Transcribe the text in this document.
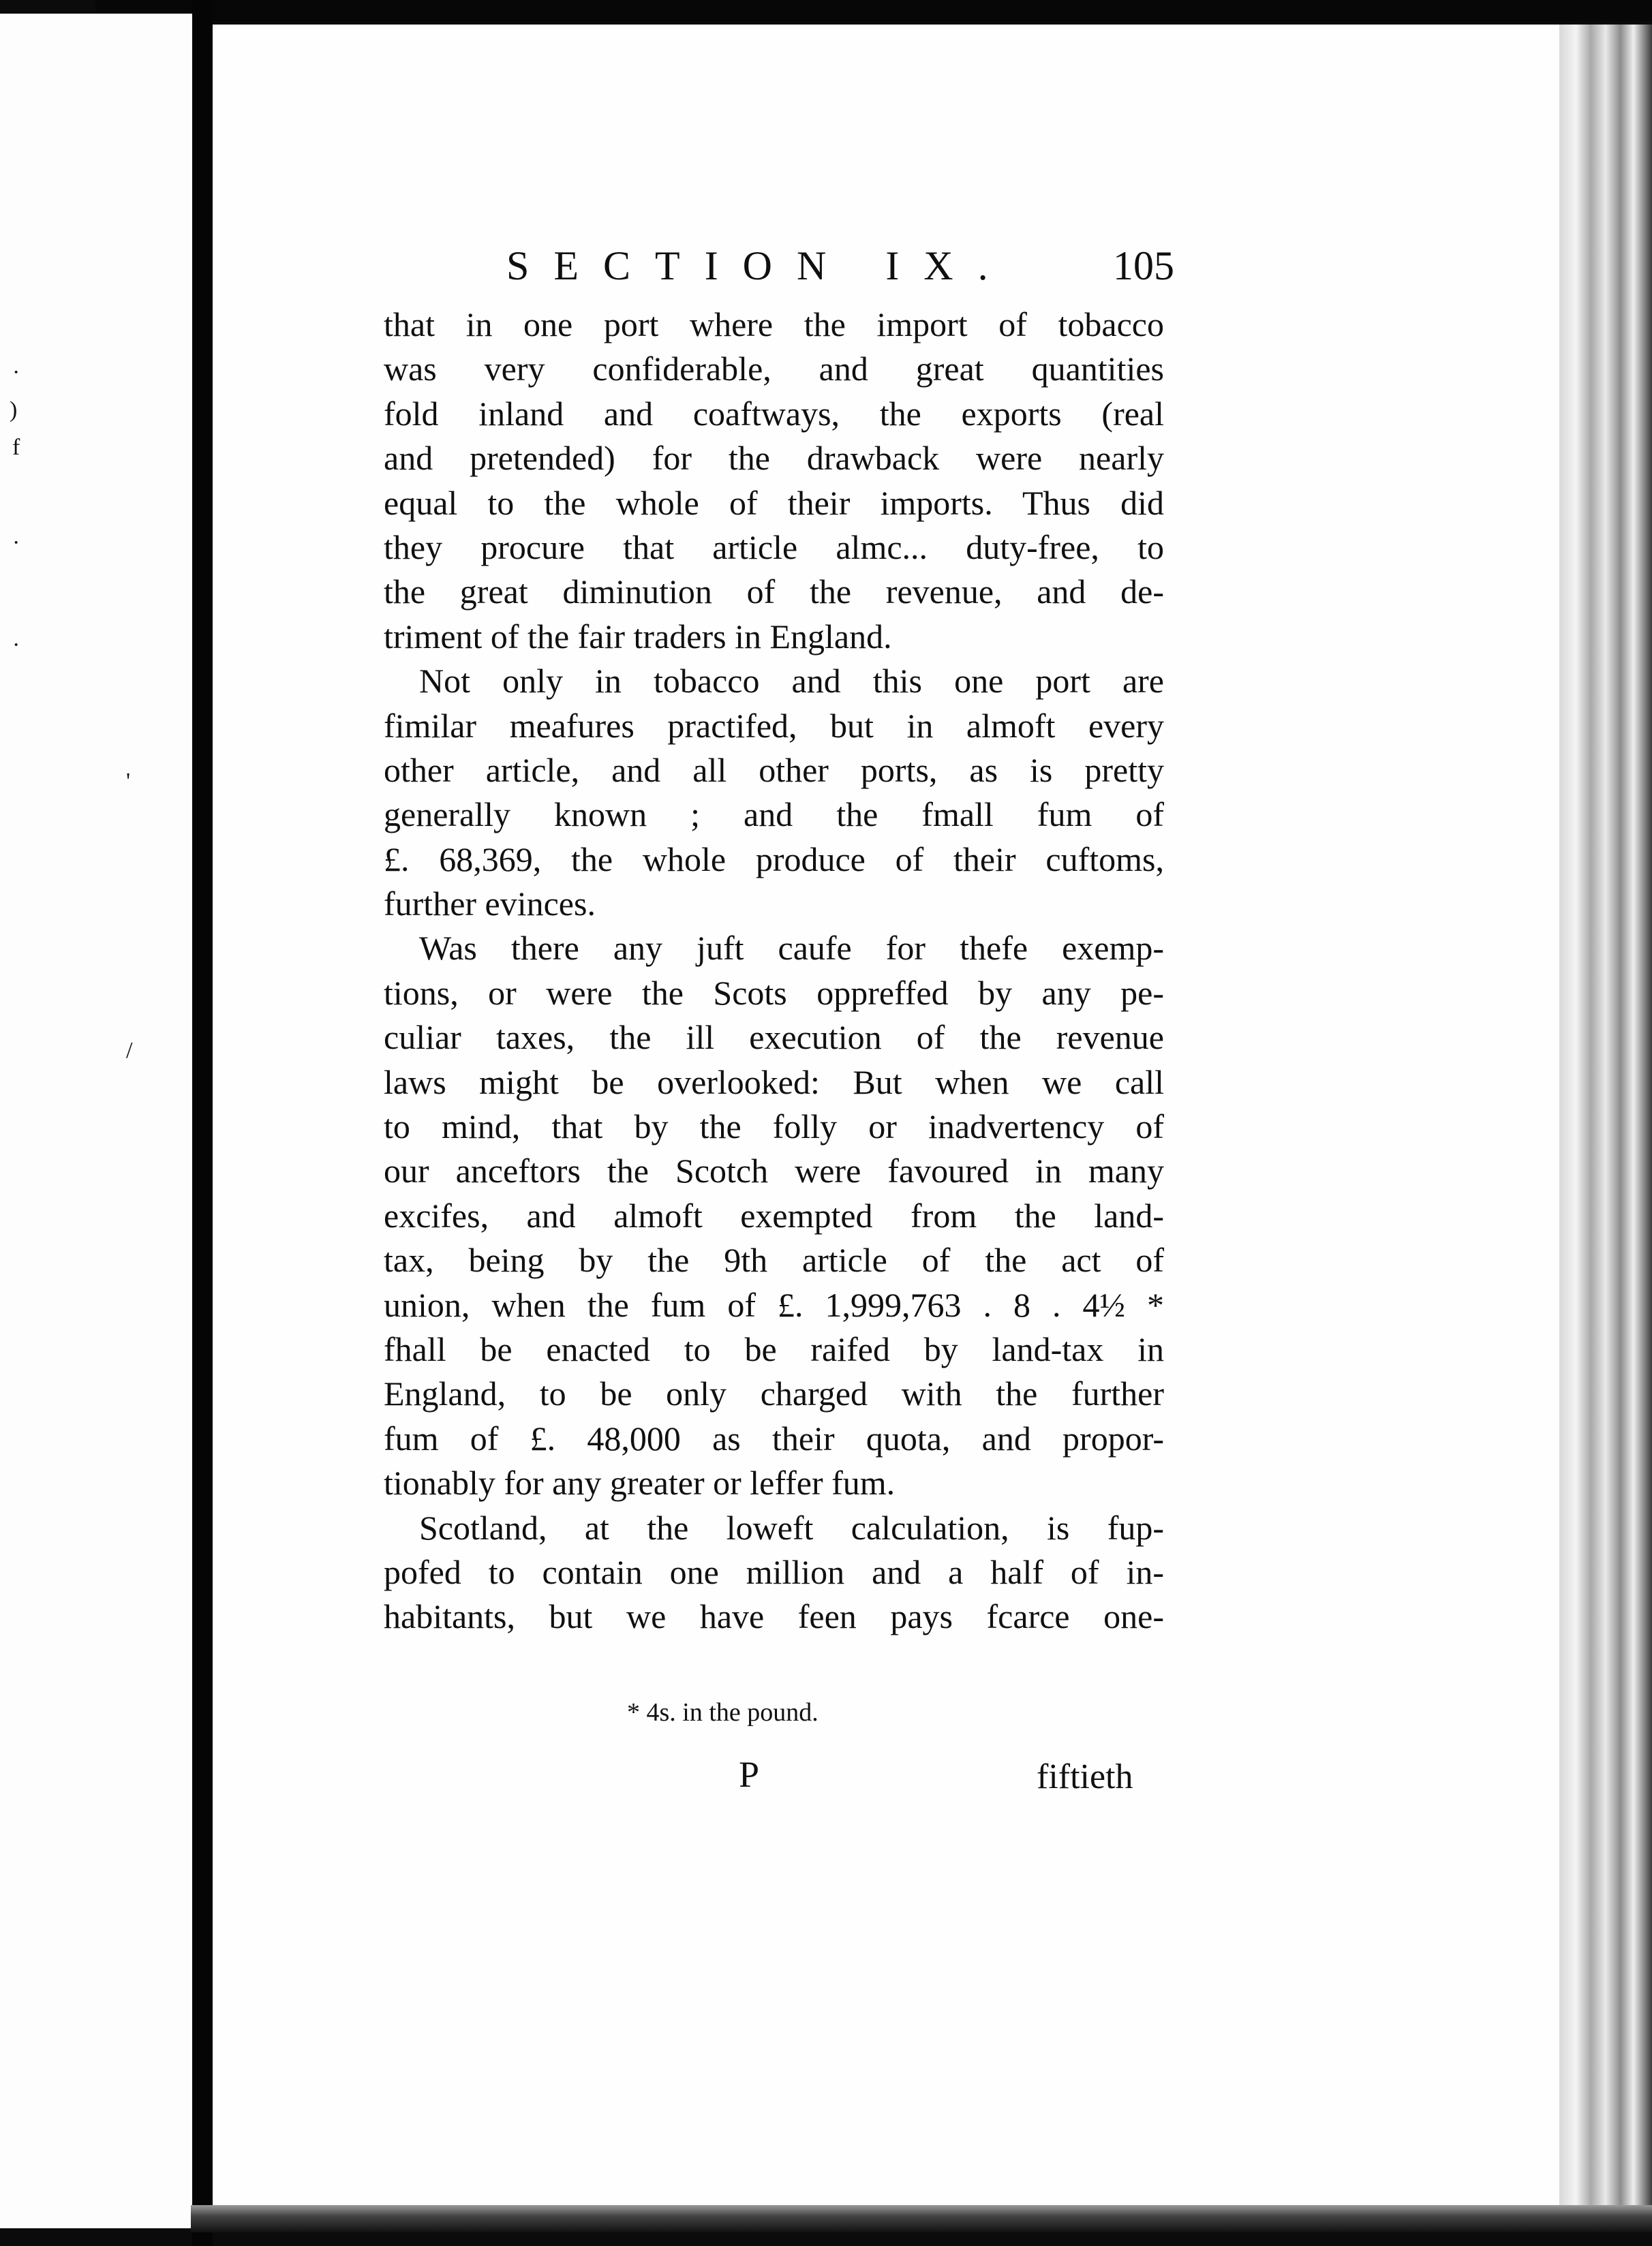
·
)
f
·
·
'
/
SECTION IX. 105
that in one port where the import of tobacco
was very confiderable, and great quantities
fold inland and coaftways, the exports (real
and pretended) for the drawback were nearly
equal to the whole of their imports. Thus did
they procure that article almc... duty-free, to
the great diminution of the revenue, and de-
triment of the fair traders in England.
Not only in tobacco and this one port are
fimilar meafures practifed, but in almoft every
other article, and all other ports, as is pretty
generally known ; and the fmall fum of
£. 68,369, the whole produce of their cuftoms,
further evinces.
Was there any juft caufe for thefe exemp-
tions, or were the Scots oppreffed by any pe-
culiar taxes, the ill execution of the revenue
laws might be overlooked: But when we call
to mind, that by the folly or inadvertency of
our anceftors the Scotch were favoured in many
excifes, and almoft exempted from the land-
tax, being by the 9th article of the act of
union, when the fum of £. 1,999,763 . 8 . 4½ *
fhall be enacted to be raifed by land-tax in
England, to be only charged with the further
fum of £. 48,000 as their quota, and propor-
tionably for any greater or leffer fum.
Scotland, at the loweft calculation, is fup-
pofed to contain one million and a half of in-
habitants, but we have feen pays fcarce one-
* 4s. in the pound.
P	fiftieth
